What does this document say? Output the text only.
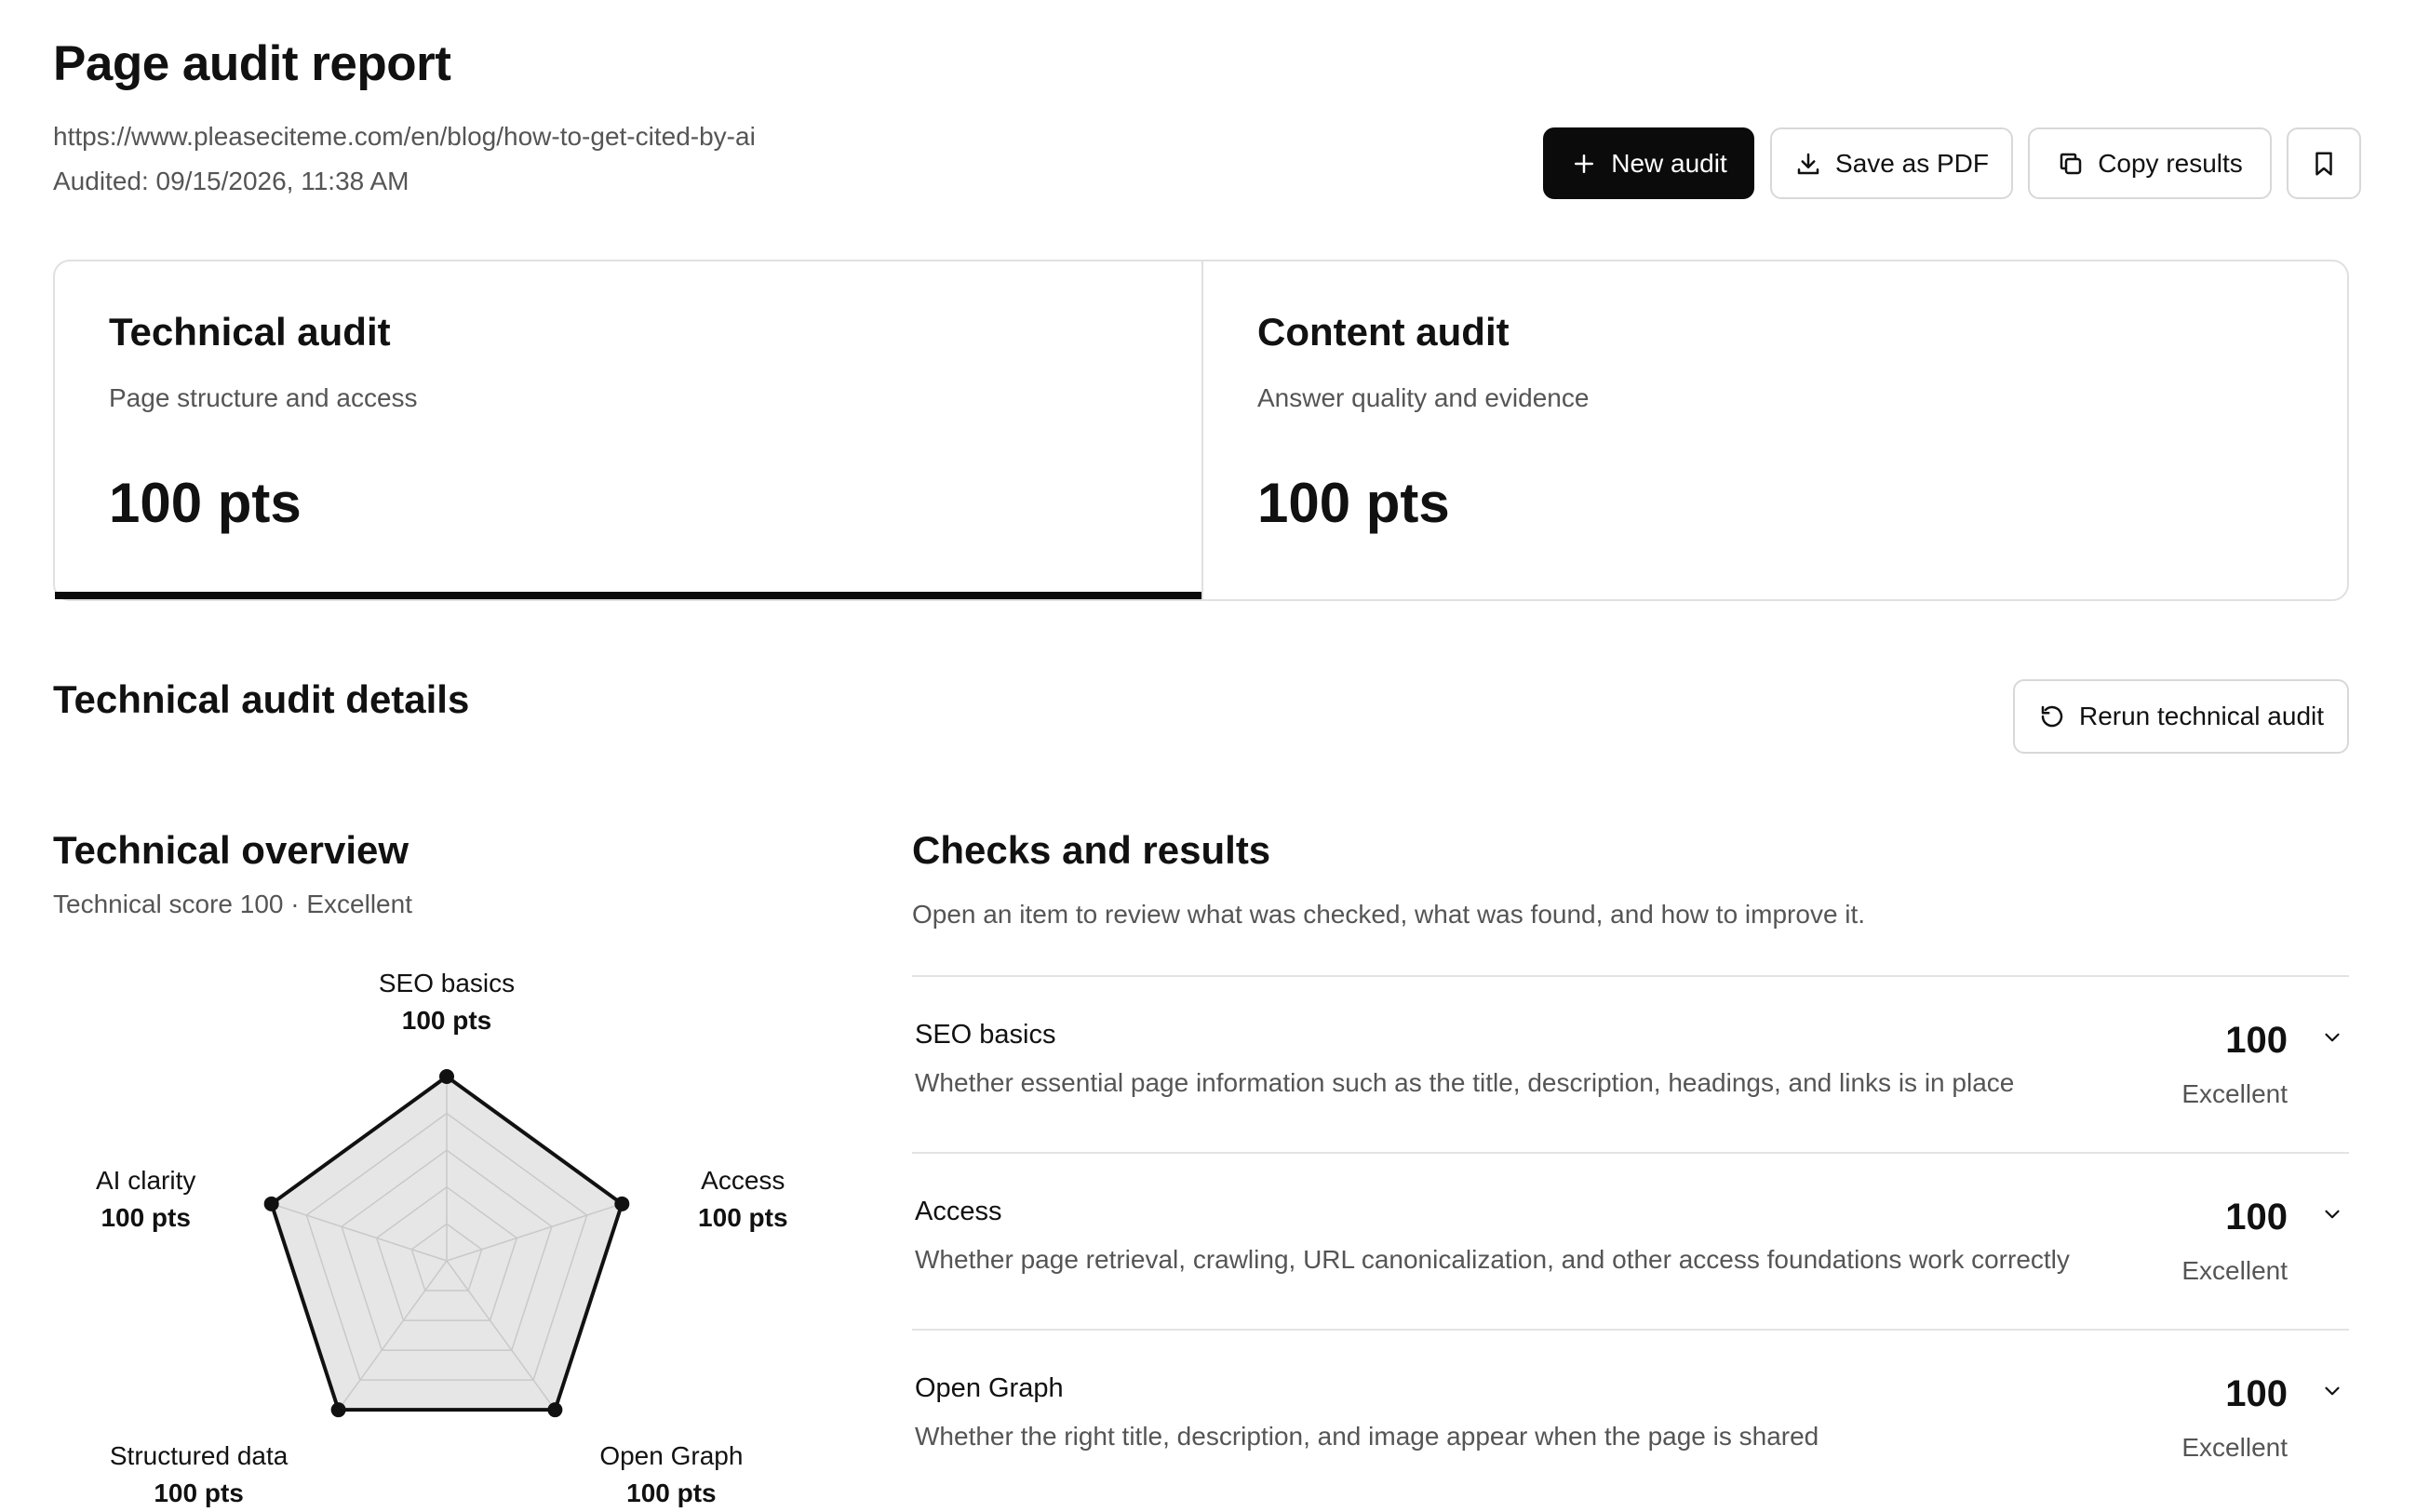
Page audit report
https://www.pleaseciteme.com/en/blog/how-to-get-cited-by-ai
Audited: 09/15/2026, 11:38 AM
New audit	Save as PDF	Copy results
Technical audit
Page structure and access
100 pts
Content audit
Answer quality and evidence
100 pts
Technical audit details	Rerun technical audit
Technical overview
Technical score 100 · Excellent
SEO basics
100 pts
Access
100 pts
Open Graph
100 pts
Structured data
100 pts
AI clarity
100 pts
Checks and results
Open an item to review what was checked, what was found, and how to improve it.
SEO basics
Whether essential page information such as the title, description, headings, and links is in place
100
Excellent
Access
Whether page retrieval, crawling, URL canonicalization, and other access foundations work correctly
100
Excellent
Open Graph
Whether the right title, description, and image appear when the page is shared
100
Excellent
